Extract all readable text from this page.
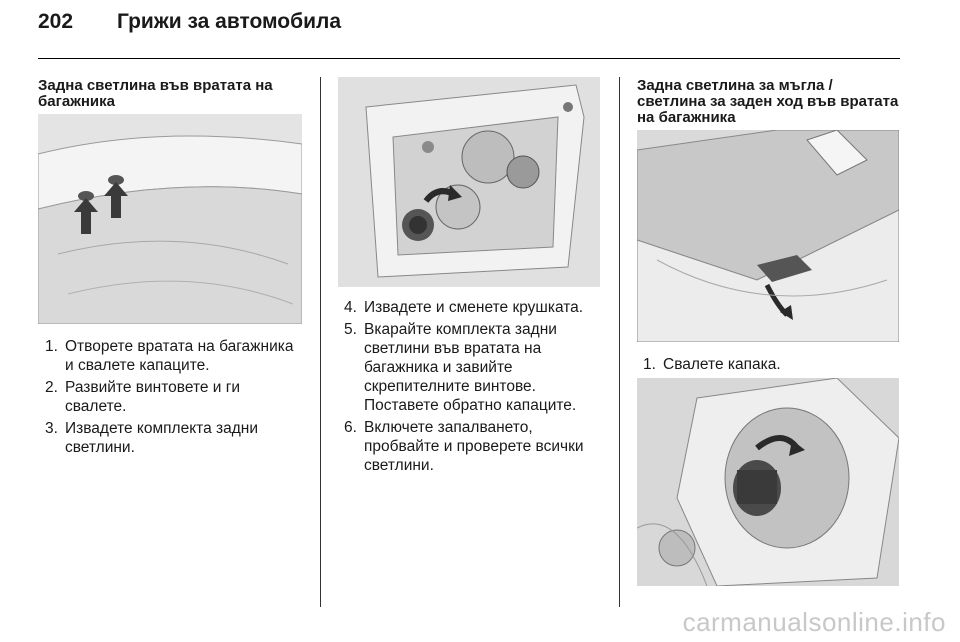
202 Грижи за автомобила
Задна светлина във вратата на багажника
1. Отворете вратата на багажника и свалете капаците.
2. Развийте винтовете и ги свалете.
3. Извадете комплекта задни светлини.
4. Извадете и сменете крушката.
5. Вкарайте комплекта задни светлини във вратата на багажника и завийте скрепителните винтове. Поставете обратно капаците.
6. Включете запалването, пробвайте и проверете всички светлини.
Задна светлина за мъгла / светлина за заден ход във вратата на багажника
1. Свалете капака.
carmanualsonline.info
